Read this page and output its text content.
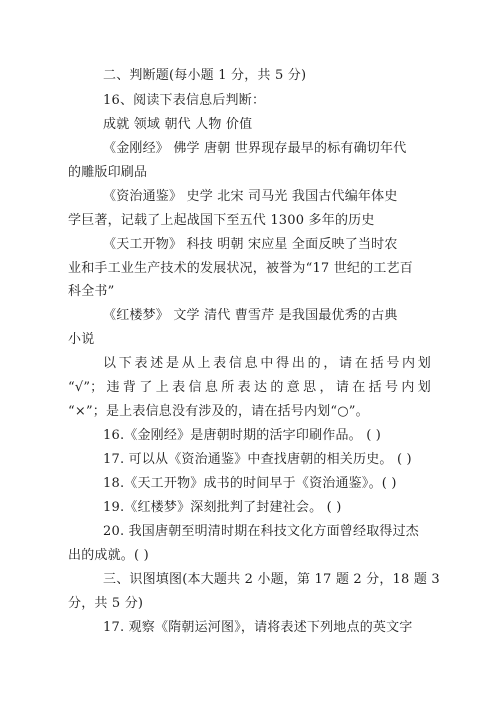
二、判断题(每小题 1 分，共 5 分)
16、阅读下表信息后判断：
成就 领域 朝代 人物 价值
《金刚经》 佛学 唐朝 世界现存最早的标有确切年代
的雕版印刷品
《资治通鉴》 史学 北宋 司马光 我国古代编年体史
学巨著，记载了上起战国下至五代 1300 多年的历史
《天工开物》 科技 明朝 宋应星 全面反映了当时农
业和手工业生产技术的发展状况，被誉为“17 世纪的工艺百
科全书”
《红楼梦》 文学 清代 曹雪芹 是我国最优秀的古典
小说
以下表述是从上表信息中得出的，请在括号内划
“√”；违背了上表信息所表达的意思，请在括号内划
“×”；是上表信息没有涉及的，请在括号内划“○”。
16.《金刚经》是唐朝时期的活字印刷作品。 ( )
17. 可以从《资治通鉴》中查找唐朝的相关历史。 ( )
18.《天工开物》成书的时间早于《资治通鉴》。( )
19.《红楼梦》深刻批判了封建社会。 ( )
20. 我国唐朝至明清时期在科技文化方面曾经取得过杰
出的成就。( )
三、识图填图(本大题共 2 小题，第 17 题 2 分，18 题 3
分，共 5 分)
17. 观察《隋朝运河图》，请将表述下列地点的英文字
